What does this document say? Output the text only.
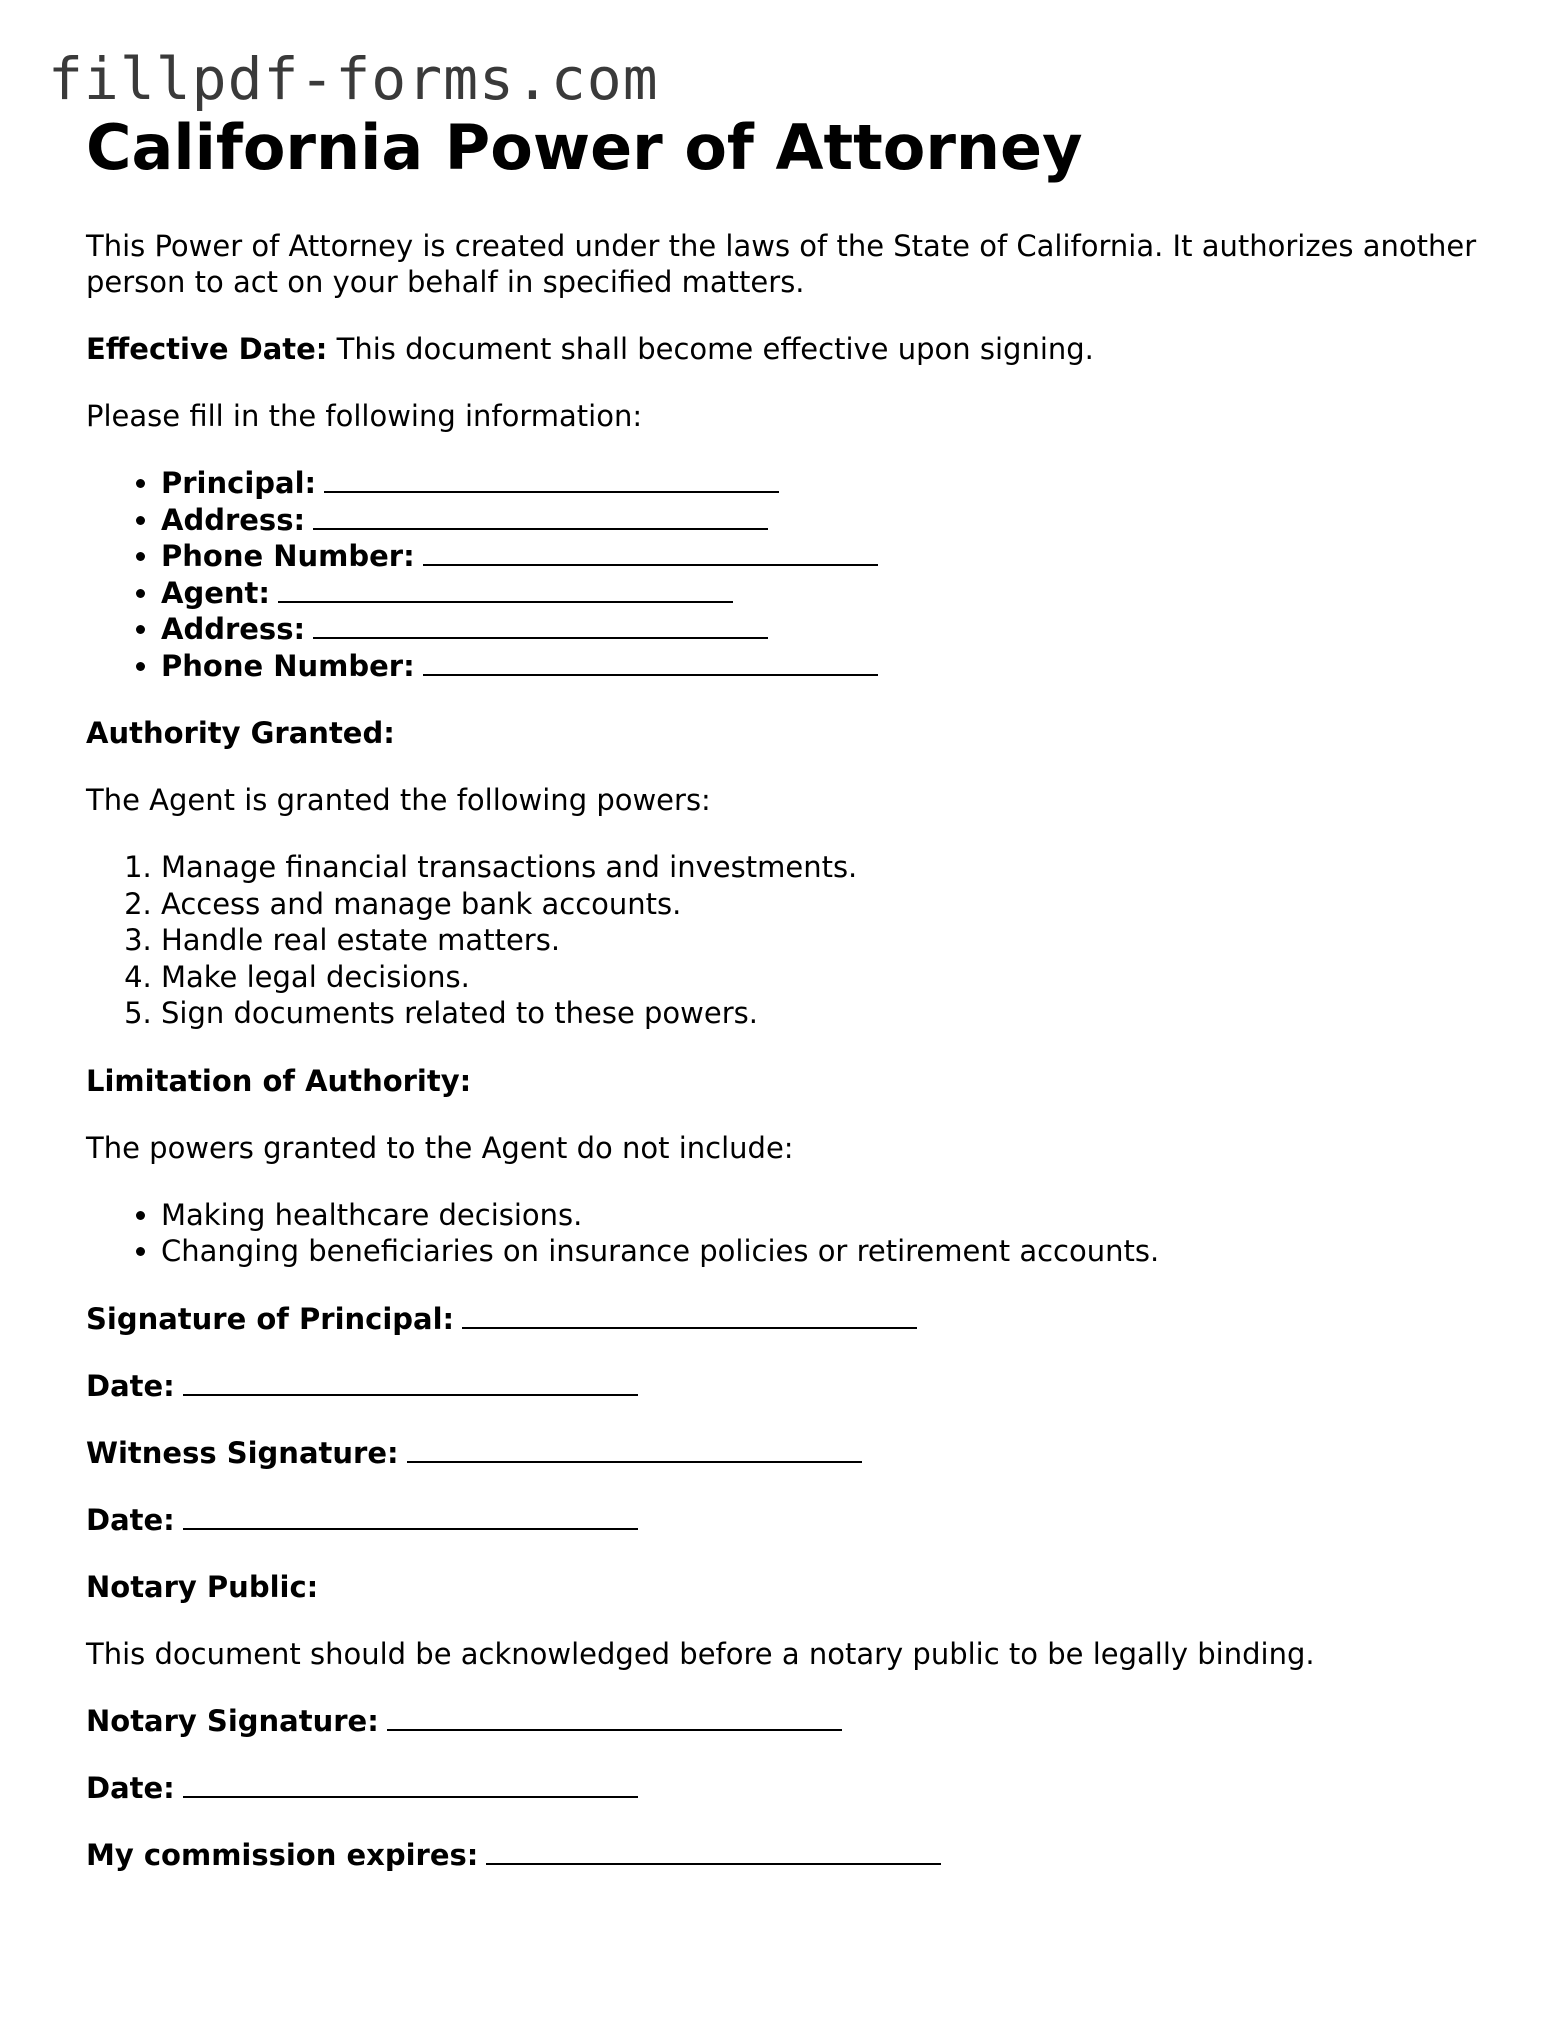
fillpdf-forms.com
California Power of Attorney

This Power of Attorney is created under the laws of the State of California. It authorizes another person to act on your behalf in specified matters.

Effective Date: This document shall become effective upon signing.

Please fill in the following information:

• Principal:
• Address:
• Phone Number:
• Agent:
• Address:
• Phone Number:

Authority Granted:

The Agent is granted the following powers:

1. Manage financial transactions and investments.
2. Access and manage bank accounts.
3. Handle real estate matters.
4. Make legal decisions.
5. Sign documents related to these powers.

Limitation of Authority:

The powers granted to the Agent do not include:

• Making healthcare decisions.
• Changing beneficiaries on insurance policies or retirement accounts.

Signature of Principal:

Date:

Witness Signature:

Date:

Notary Public:

This document should be acknowledged before a notary public to be legally binding.

Notary Signature:

Date:

My commission expires:
